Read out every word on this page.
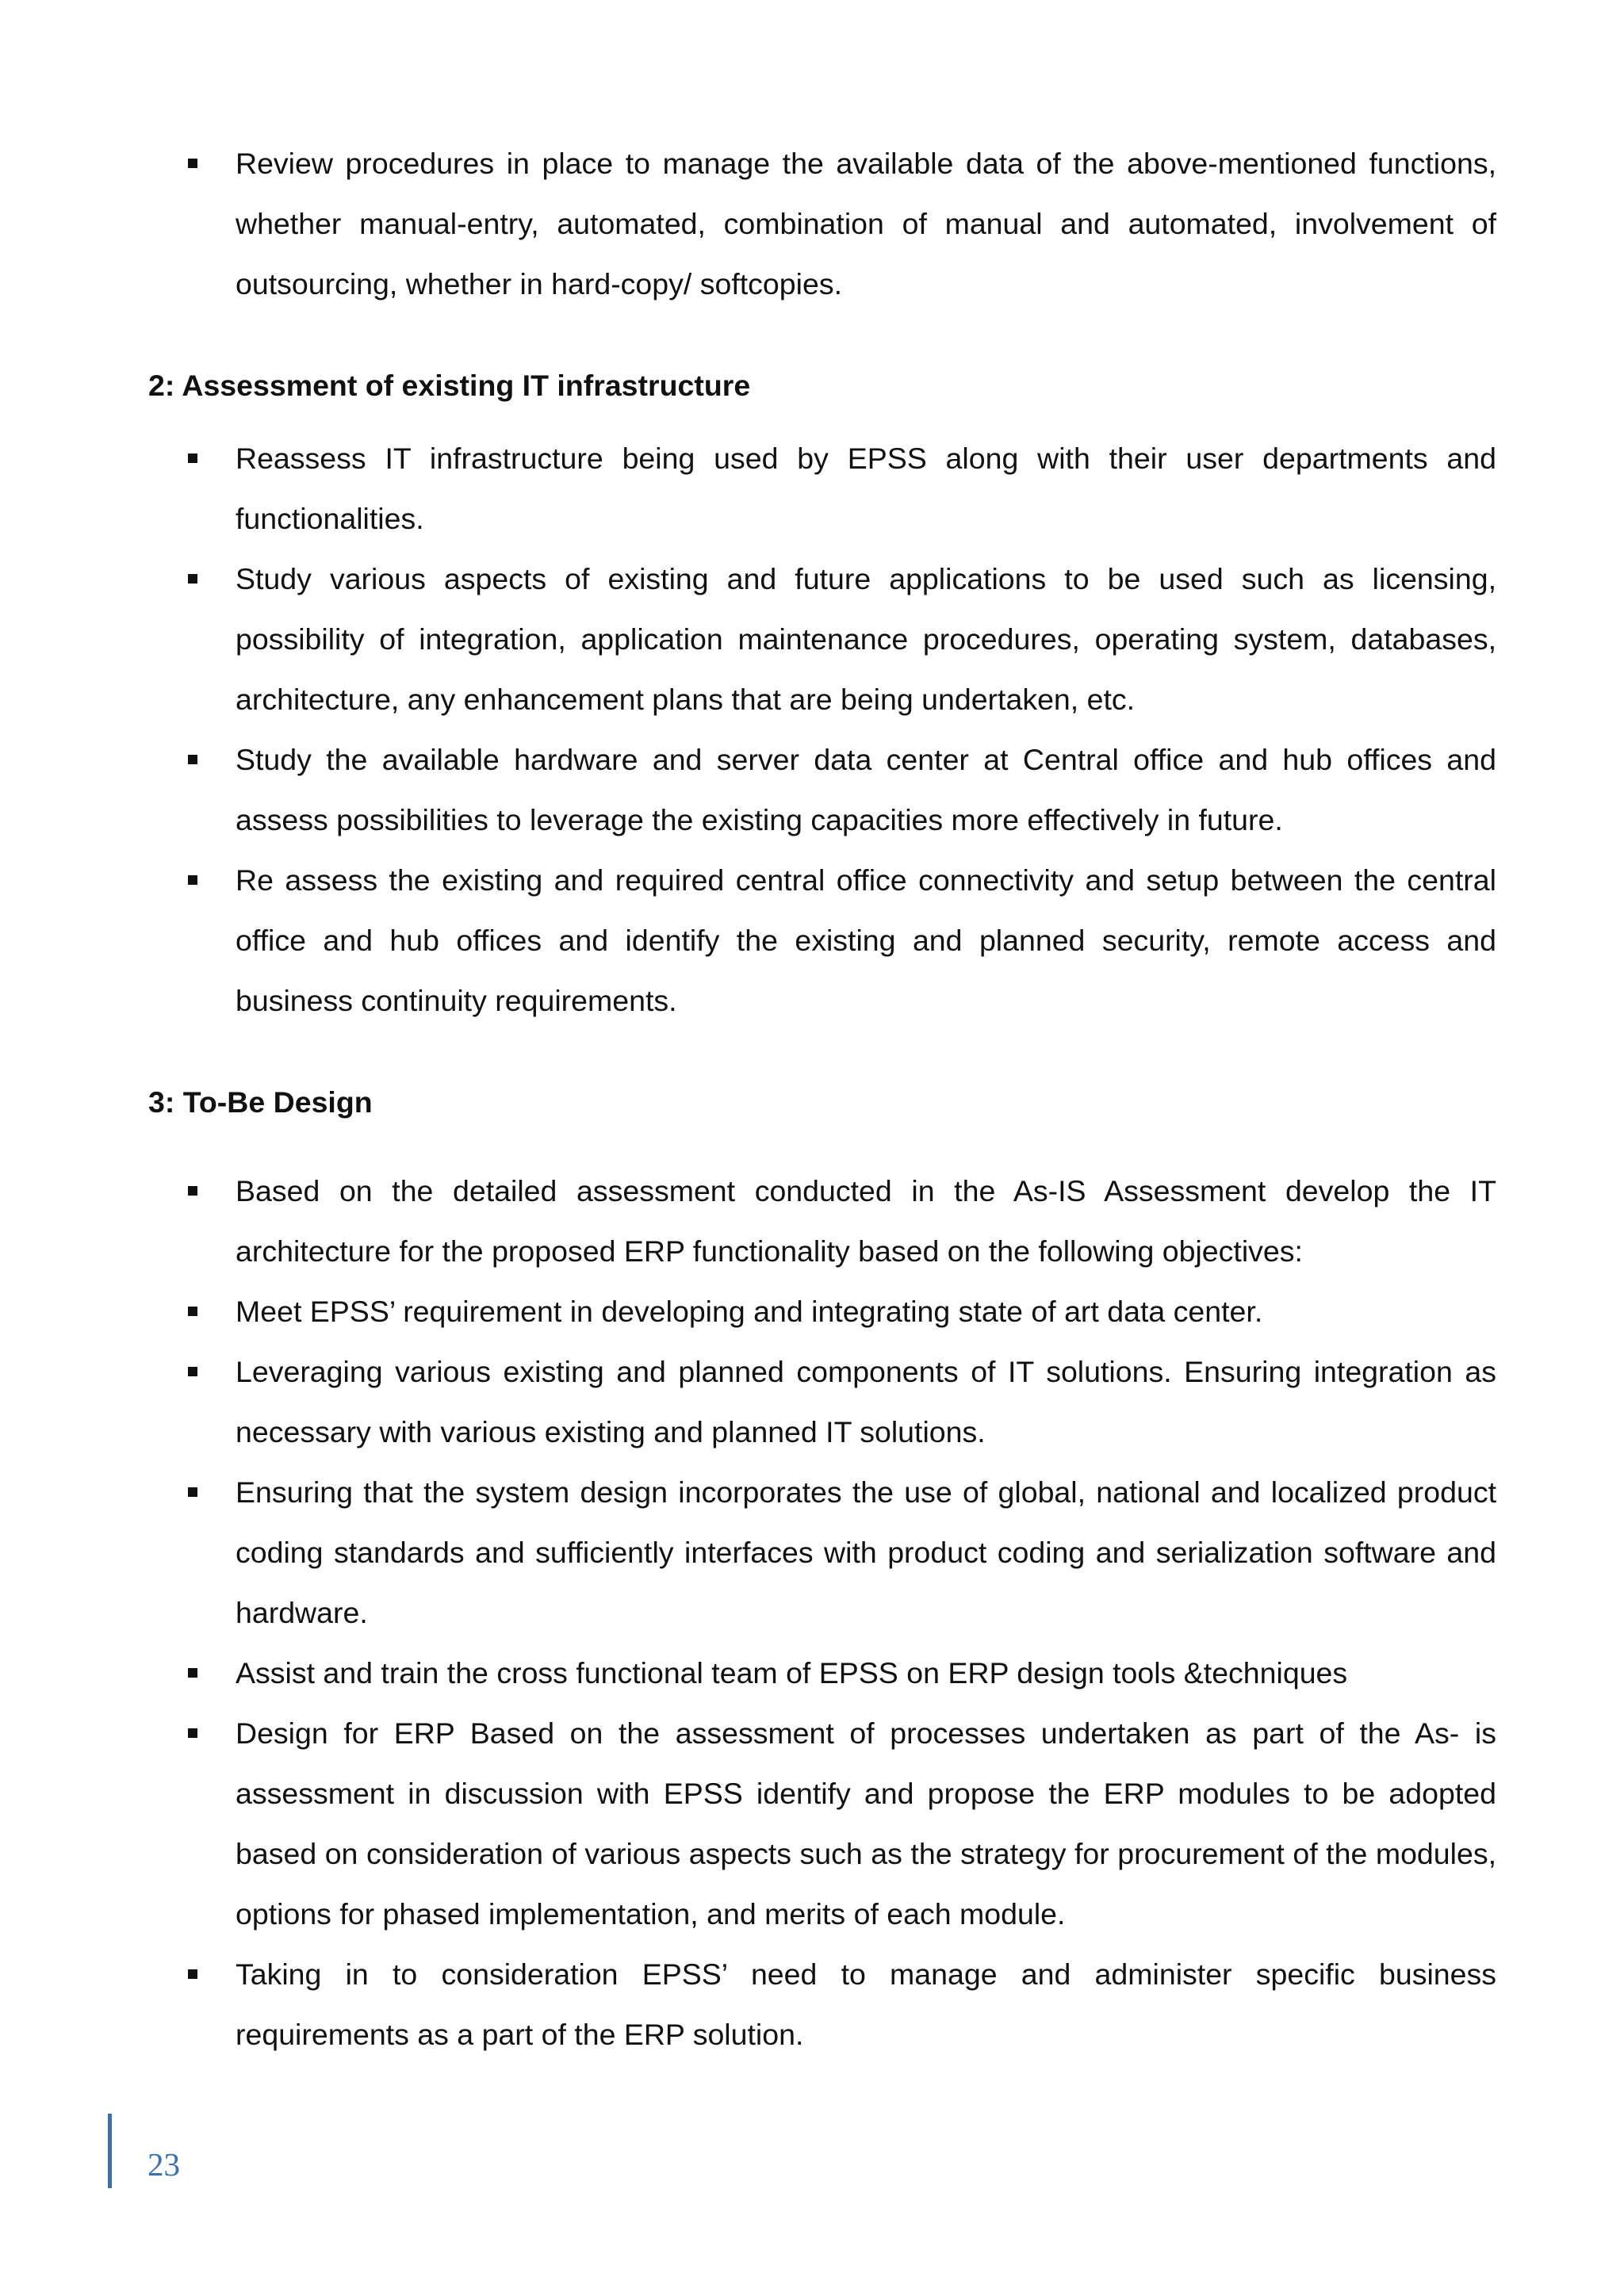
Review procedures in place to manage the available data of the above-mentioned functions, whether manual-entry, automated, combination of manual and automated, involvement of outsourcing, whether in hard-copy/ softcopies.
2: Assessment of existing IT infrastructure
Reassess IT infrastructure being used by EPSS along with their user departments and functionalities.
Study various aspects of existing and future applications to be used such as licensing, possibility of integration, application maintenance procedures, operating system, databases, architecture, any enhancement plans that are being undertaken, etc.
Study the available hardware and server data center at Central office and hub offices and assess possibilities to leverage the existing capacities more effectively in future.
Re assess the existing and required central office connectivity and setup between the central office and hub offices and identify the existing and planned security, remote access and business continuity requirements.
3: To-Be Design
Based on the detailed assessment conducted in the As-IS Assessment develop the IT architecture for the proposed ERP functionality based on the following objectives:
Meet EPSS’ requirement in developing and integrating state of art data center.
Leveraging various existing and planned components of IT solutions. Ensuring integration as necessary with various existing and planned IT solutions.
Ensuring that the system design incorporates the use of global, national and localized product coding standards and sufficiently interfaces with product coding and serialization software and hardware.
Assist and train the cross functional team of EPSS on ERP design tools &techniques
Design for ERP Based on the assessment of processes undertaken as part of the As- is assessment in discussion with EPSS identify and propose the ERP modules to be adopted based on consideration of various aspects such as the strategy for procurement of the modules, options for phased implementation, and merits of each module.
Taking in to consideration EPSS’ need to manage and administer specific business requirements as a part of the ERP solution.
23
